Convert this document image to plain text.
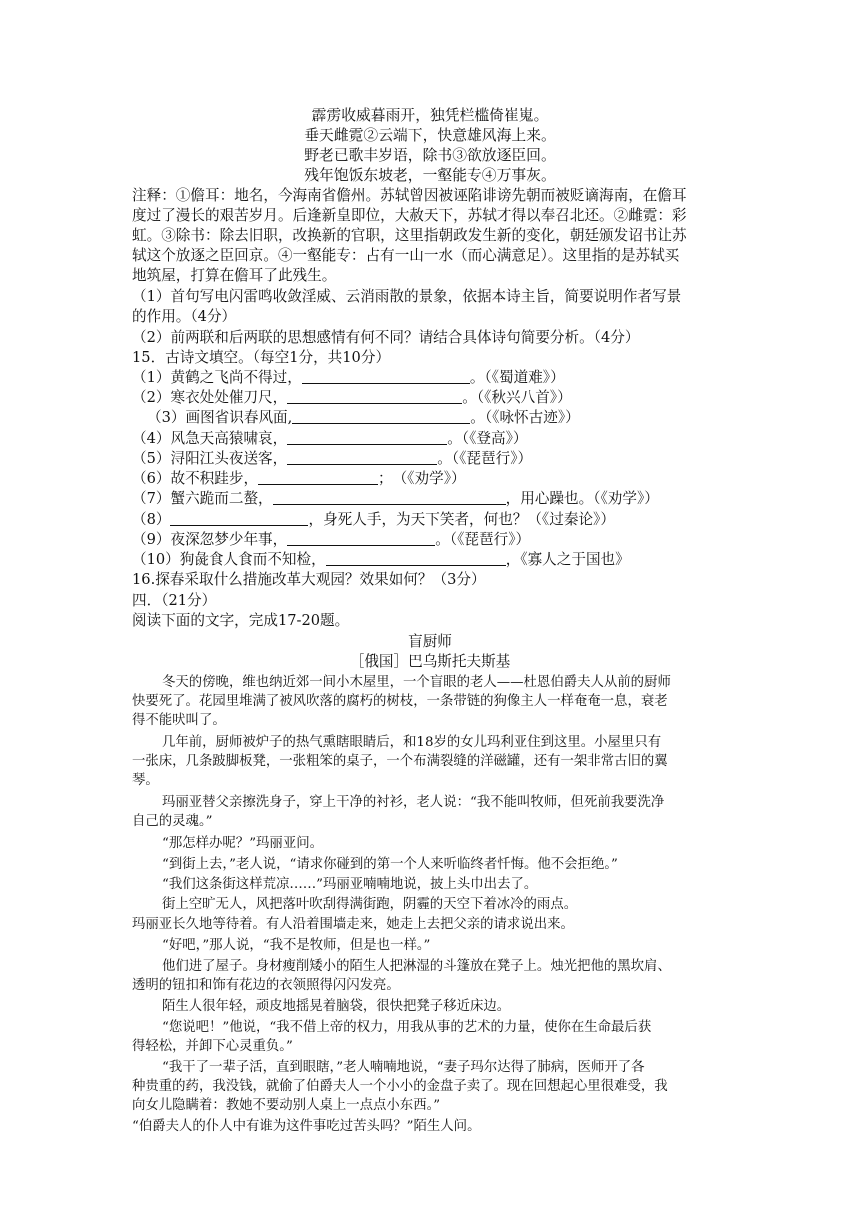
霹雳收威暮雨开，独凭栏槛倚崔嵬。
垂天雌霓②云端下，快意雄风海上来。
野老已歌丰岁语，除书③欲放逐臣回。
残年饱饭东坡老，一壑能专④万事灰。
注释：①儋耳：地名，今海南省儋州。苏轼曾因被诬陷诽谤先朝而被贬谪海南，在儋耳
度过了漫长的艰苦岁月。后逢新皇即位，大赦天下，苏轼才得以奉召北还。②雌霓：彩
虹。③除书：除去旧职，改换新的官职，这里指朝政发生新的变化，朝廷颁发诏书让苏
轼这个放逐之臣回京。④一壑能专：占有一山一水（而心满意足）。这里指的是苏轼买
地筑屋，打算在儋耳了此残生。
（1）首句写电闪雷鸣收敛淫威、云消雨散的景象，依据本诗主旨，简要说明作者写景
的作用。（4分）
（2）前两联和后两联的思想感情有何不同？请结合具体诗句简要分析。（4分）
15．古诗文填空。（每空1分，共10分）
（1）黄鹤之飞尚不得过，	。（《蜀道难》）
（2）寒衣处处催刀尺，	。（《秋兴八首》）
（3）画图省识春风面,	。（《咏怀古迹》）
（4）风急天高猿啸哀，	。（《登高》）
（5）浔阳江头夜送客，	。（《琵琶行》）
（6）故不积跬步，	；　（《劝学》）
（7）蟹六跪而二螯，	，用心躁也。（《劝学》）
（8）	，身死人手，为天下笑者，何也？（《过秦论》）
（9）夜深忽梦少年事，	。（《琵琶行》）
（10）狗彘食人食而不知检，	，《寡人之于国也》
16.探春采取什么措施改革大观园？效果如何？（3分）
四．（21分）
阅读下面的文字，完成17-20题。
盲厨师
［俄国］巴乌斯托夫斯基
冬天的傍晚，维也纳近郊一间小木屋里，一个盲眼的老人——杜恩伯爵夫人从前的厨师
快要死了。花园里堆满了被风吹落的腐朽的树枝，一条带链的狗像主人一样奄奄一息，衰老
得不能吠叫了。
几年前，厨师被炉子的热气熏瞎眼睛后，和18岁的女儿玛利亚住到这里。小屋里只有
一张床，几条跛脚板凳，一张粗笨的桌子，一个布满裂缝的洋磁罐，还有一架非常古旧的翼
琴。
玛丽亚替父亲擦洗身子，穿上干净的衬衫，老人说：“我不能叫牧师，但死前我要洗净
自己的灵魂。”
“那怎样办呢？”玛丽亚问。
“到街上去，”老人说，“请求你碰到的第一个人来听临终者忏悔。他不会拒绝。”
“我们这条街这样荒凉……”玛丽亚喃喃地说，披上头巾出去了。
街上空旷无人，风把落叶吹刮得满街跑，阴霾的天空下着冰冷的雨点。
玛丽亚长久地等待着。有人沿着围墙走来，她走上去把父亲的请求说出来。
“好吧，”那人说，“我不是牧师，但是也一样。”
他们进了屋子。身材瘦削矮小的陌生人把淋湿的斗篷放在凳子上。烛光把他的黑坎肩、
透明的钮扣和饰有花边的衣领照得闪闪发亮。
陌生人很年轻，顽皮地摇晃着脑袋，很快把凳子移近床边。
“您说吧！”他说，“我不借上帝的权力，用我从事的艺术的力量，使你在生命最后获
得轻松，并卸下心灵重负。”
“我干了一辈子活，直到眼瞎，”老人喃喃地说，“妻子玛尔达得了肺病，医师开了各
种贵重的药，我没钱，就偷了伯爵夫人一个小小的金盘子卖了。现在回想起心里很难受，我
向女儿隐瞒着：教她不要动别人桌上一点点小东西。”
“伯爵夫人的仆人中有谁为这件事吃过苦头吗？”陌生人问。
